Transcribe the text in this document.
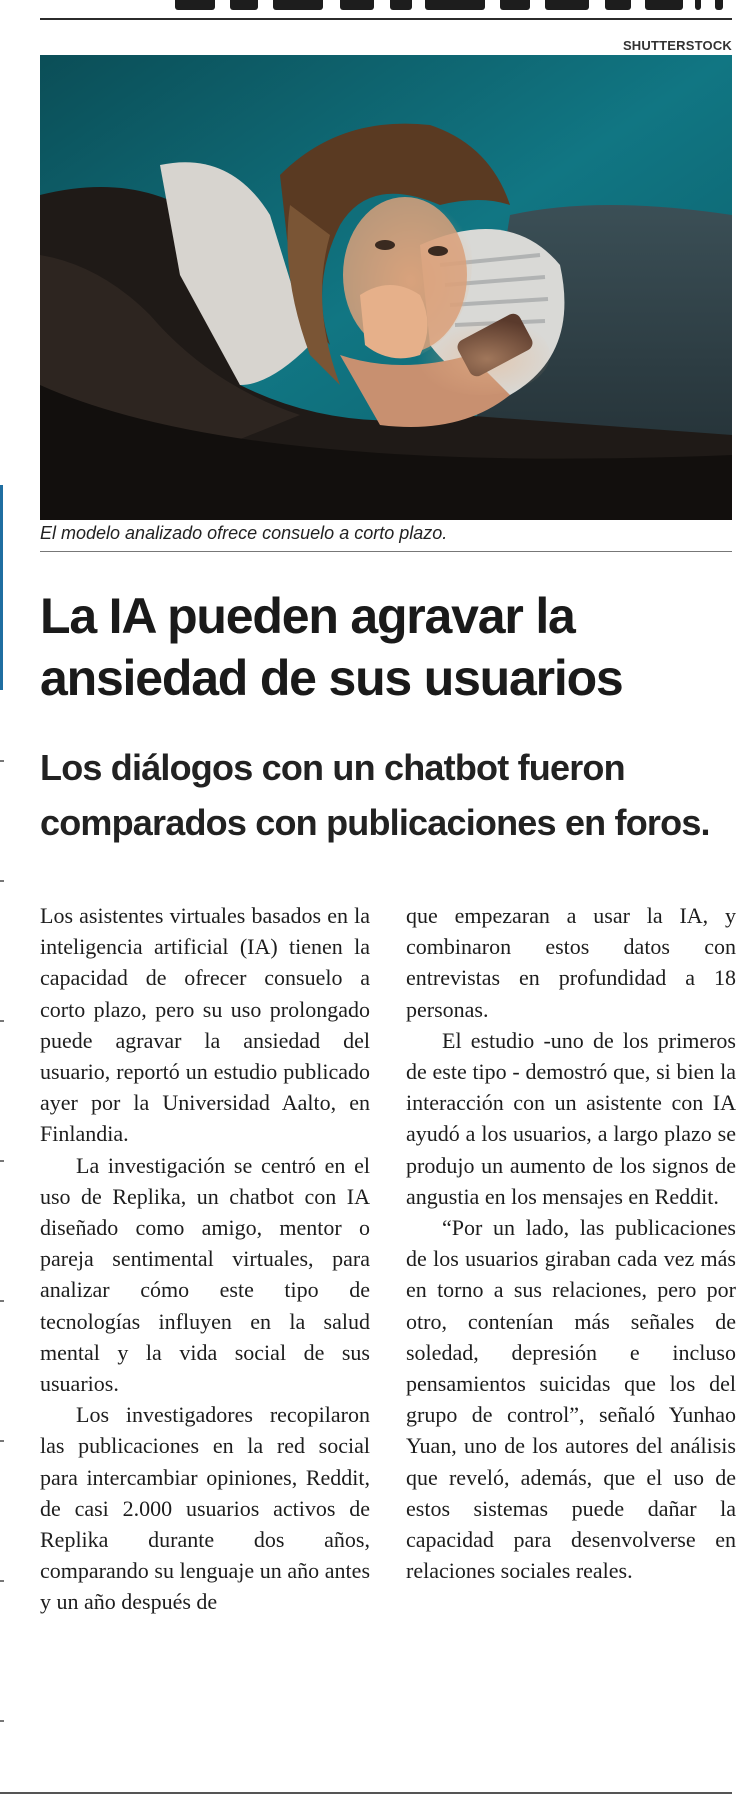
SHUTTERSTOCK
El modelo analizado ofrece consuelo a corto plazo.
La IA pueden agravar la
ansiedad de sus usuarios
Los diálogos con un chatbot fueron
comparados con publicaciones en foros.

Los asistentes virtuales basados en la inteligencia artificial (IA) tienen la capacidad de ofrecer consuelo a corto plazo, pero su uso prolongado puede agravar la ansiedad del usuario, reportó un estudio publicado ayer por la Universidad Aalto, en Finlandia.

La investigación se centró en el uso de Replika, un chatbot con IA diseñado como amigo, mentor o pareja sentimental virtuales, para analizar cómo este tipo de tecnologías influyen en la salud mental y la vida social de sus usuarios.

Los investigadores recopilaron las publicaciones en la red social para intercambiar opiniones, Reddit, de casi 2.000 usuarios activos de Replika durante dos años, comparando su lenguaje un año antes y un año después de

que empezaran a usar la IA, y combinaron estos datos con entrevistas en profundidad a 18 personas.

El estudio -uno de los primeros de este tipo - demostró que, si bien la interacción con un asistente con IA ayudó a los usuarios, a largo plazo se produjo un aumento de los signos de angustia en los mensajes en Reddit.

“Por un lado, las publicaciones de los usuarios giraban cada vez más en torno a sus relaciones, pero por otro, contenían más señales de soledad, depresión e incluso pensamientos suicidas que los del grupo de control”, señaló Yunhao Yuan, uno de los autores del análisis que reveló, además, que el uso de estos sistemas puede dañar la capacidad para desenvolverse en relaciones sociales reales.
